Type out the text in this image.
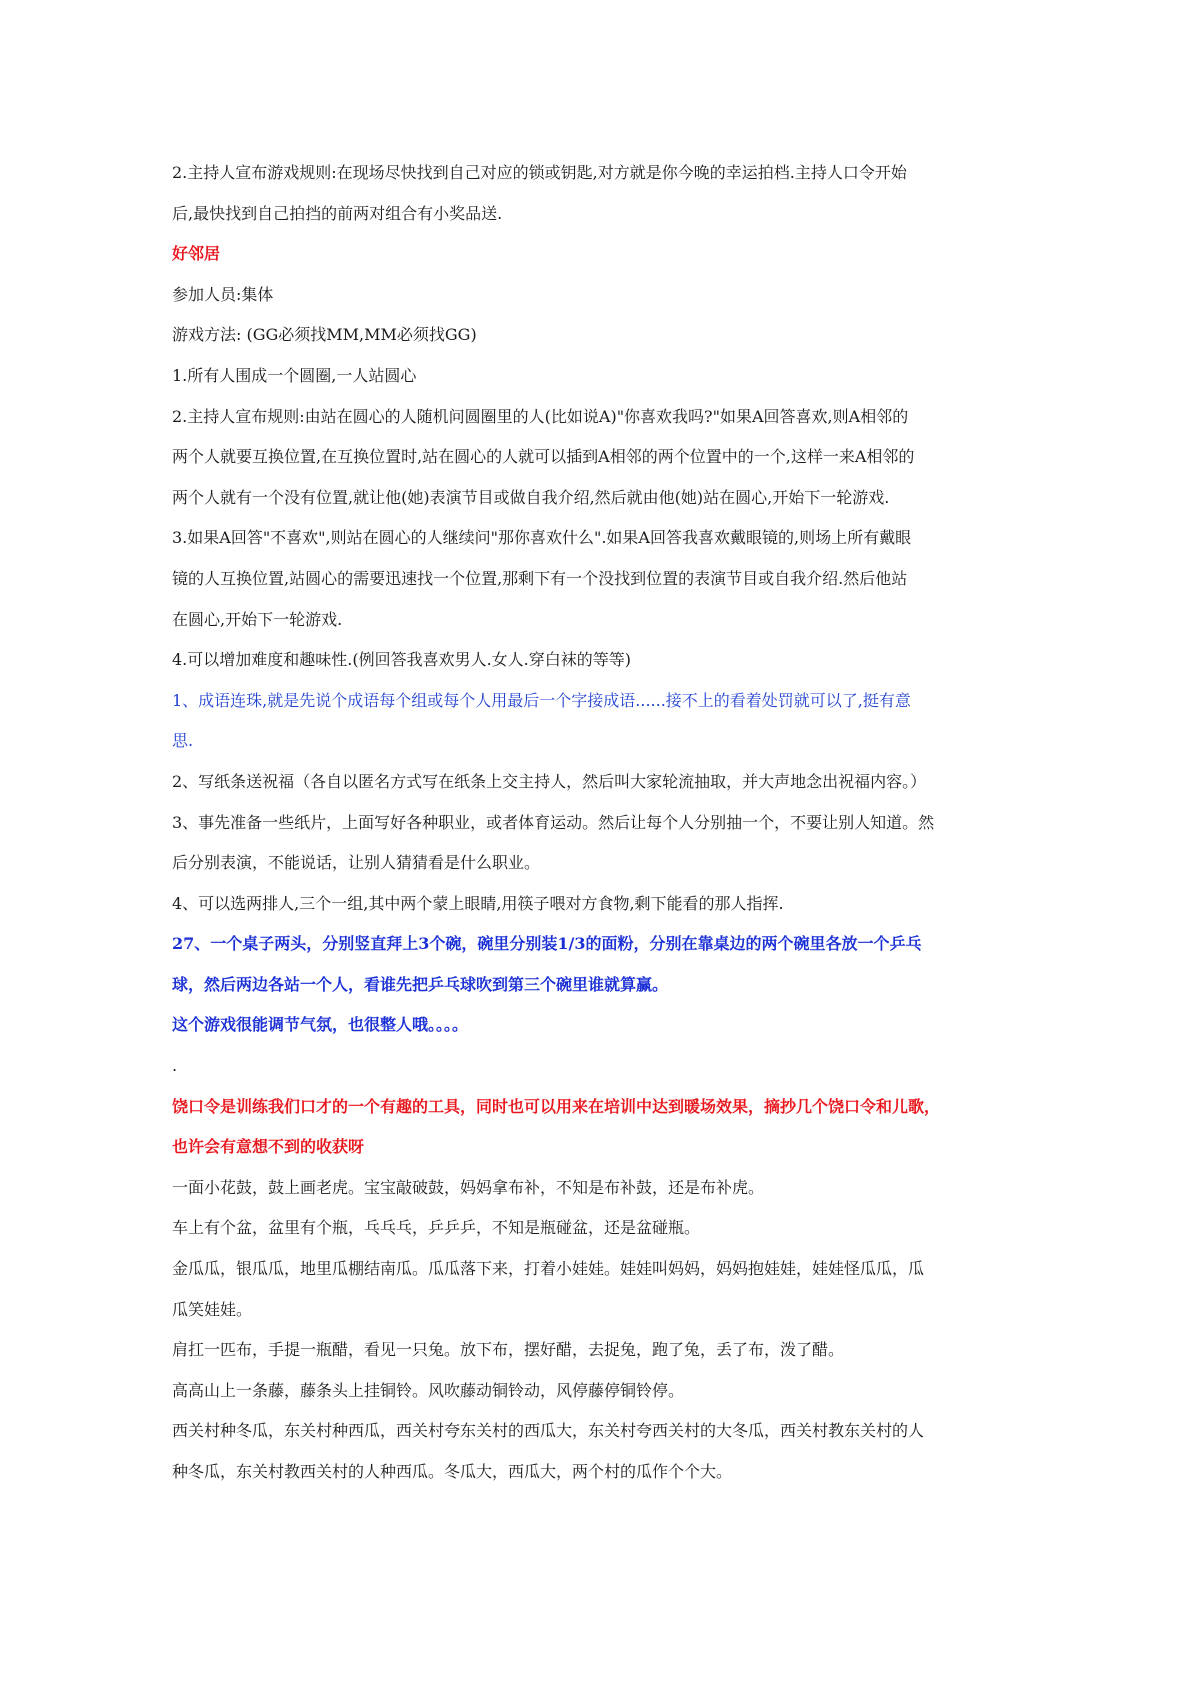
2.主持人宣布游戏规则:在现场尽快找到自己对应的锁或钥匙,对方就是你今晚的幸运拍档.主持人口令开始

后,最快找到自己拍挡的前两对组合有小奖品送.

好邻居

参加人员:集体

游戏方法: (GG必须找MM,MM必须找GG)

1.所有人围成一个圆圈,一人站圆心

2.主持人宣布规则:由站在圆心的人随机问圆圈里的人(比如说A)"你喜欢我吗?"如果A回答喜欢,则A相邻的

两个人就要互换位置,在互换位置时,站在圆心的人就可以插到A相邻的两个位置中的一个,这样一来A相邻的

两个人就有一个没有位置,就让他(她)表演节目或做自我介绍,然后就由他(她)站在圆心,开始下一轮游戏.

3.如果A回答"不喜欢",则站在圆心的人继续问"那你喜欢什么".如果A回答我喜欢戴眼镜的,则场上所有戴眼

镜的人互换位置,站圆心的需要迅速找一个位置,那剩下有一个没找到位置的表演节目或自我介绍.然后他站

在圆心,开始下一轮游戏.

4.可以增加难度和趣味性.(例回答我喜欢男人.女人.穿白袜的等等)

1、成语连珠,就是先说个成语每个组或每个人用最后一个字接成语......接不上的看着处罚就可以了,挺有意

思.

2、写纸条送祝福（各自以匿名方式写在纸条上交主持人，然后叫大家轮流抽取，并大声地念出祝福内容。）

3、事先准备一些纸片，上面写好各种职业，或者体育运动。然后让每个人分别抽一个，不要让别人知道。然

后分别表演，不能说话，让别人猜猜看是什么职业。

4、可以选两排人,三个一组,其中两个蒙上眼睛,用筷子喂对方食物,剩下能看的那人指挥.

27、一个桌子两头，分别竖直拜上3个碗，碗里分别装1/3的面粉，分别在靠桌边的两个碗里各放一个乒乓

球，然后两边各站一个人，看谁先把乒乓球吹到第三个碗里谁就算赢。

这个游戏很能调节气氛，也很整人哦。。。。

.

饶口令是训练我们口才的一个有趣的工具，同时也可以用来在培训中达到暖场效果，摘抄几个饶口令和儿歌，

也许会有意想不到的收获呀

一面小花鼓，鼓上画老虎。宝宝敲破鼓，妈妈拿布补，不知是布补鼓，还是布补虎。

车上有个盆，盆里有个瓶，乓乓乓，乒乒乒，不知是瓶碰盆，还是盆碰瓶。

金瓜瓜，银瓜瓜，地里瓜棚结南瓜。瓜瓜落下来，打着小娃娃。娃娃叫妈妈，妈妈抱娃娃，娃娃怪瓜瓜，瓜

瓜笑娃娃。

肩扛一匹布，手提一瓶醋，看见一只兔。放下布，摆好醋，去捉兔，跑了兔，丢了布，泼了醋。

高高山上一条藤，藤条头上挂铜铃。风吹藤动铜铃动，风停藤停铜铃停。

西关村种冬瓜，东关村种西瓜，西关村夸东关村的西瓜大，东关村夸西关村的大冬瓜，西关村教东关村的人

种冬瓜，东关村教西关村的人种西瓜。冬瓜大，西瓜大，两个村的瓜作个个大。
